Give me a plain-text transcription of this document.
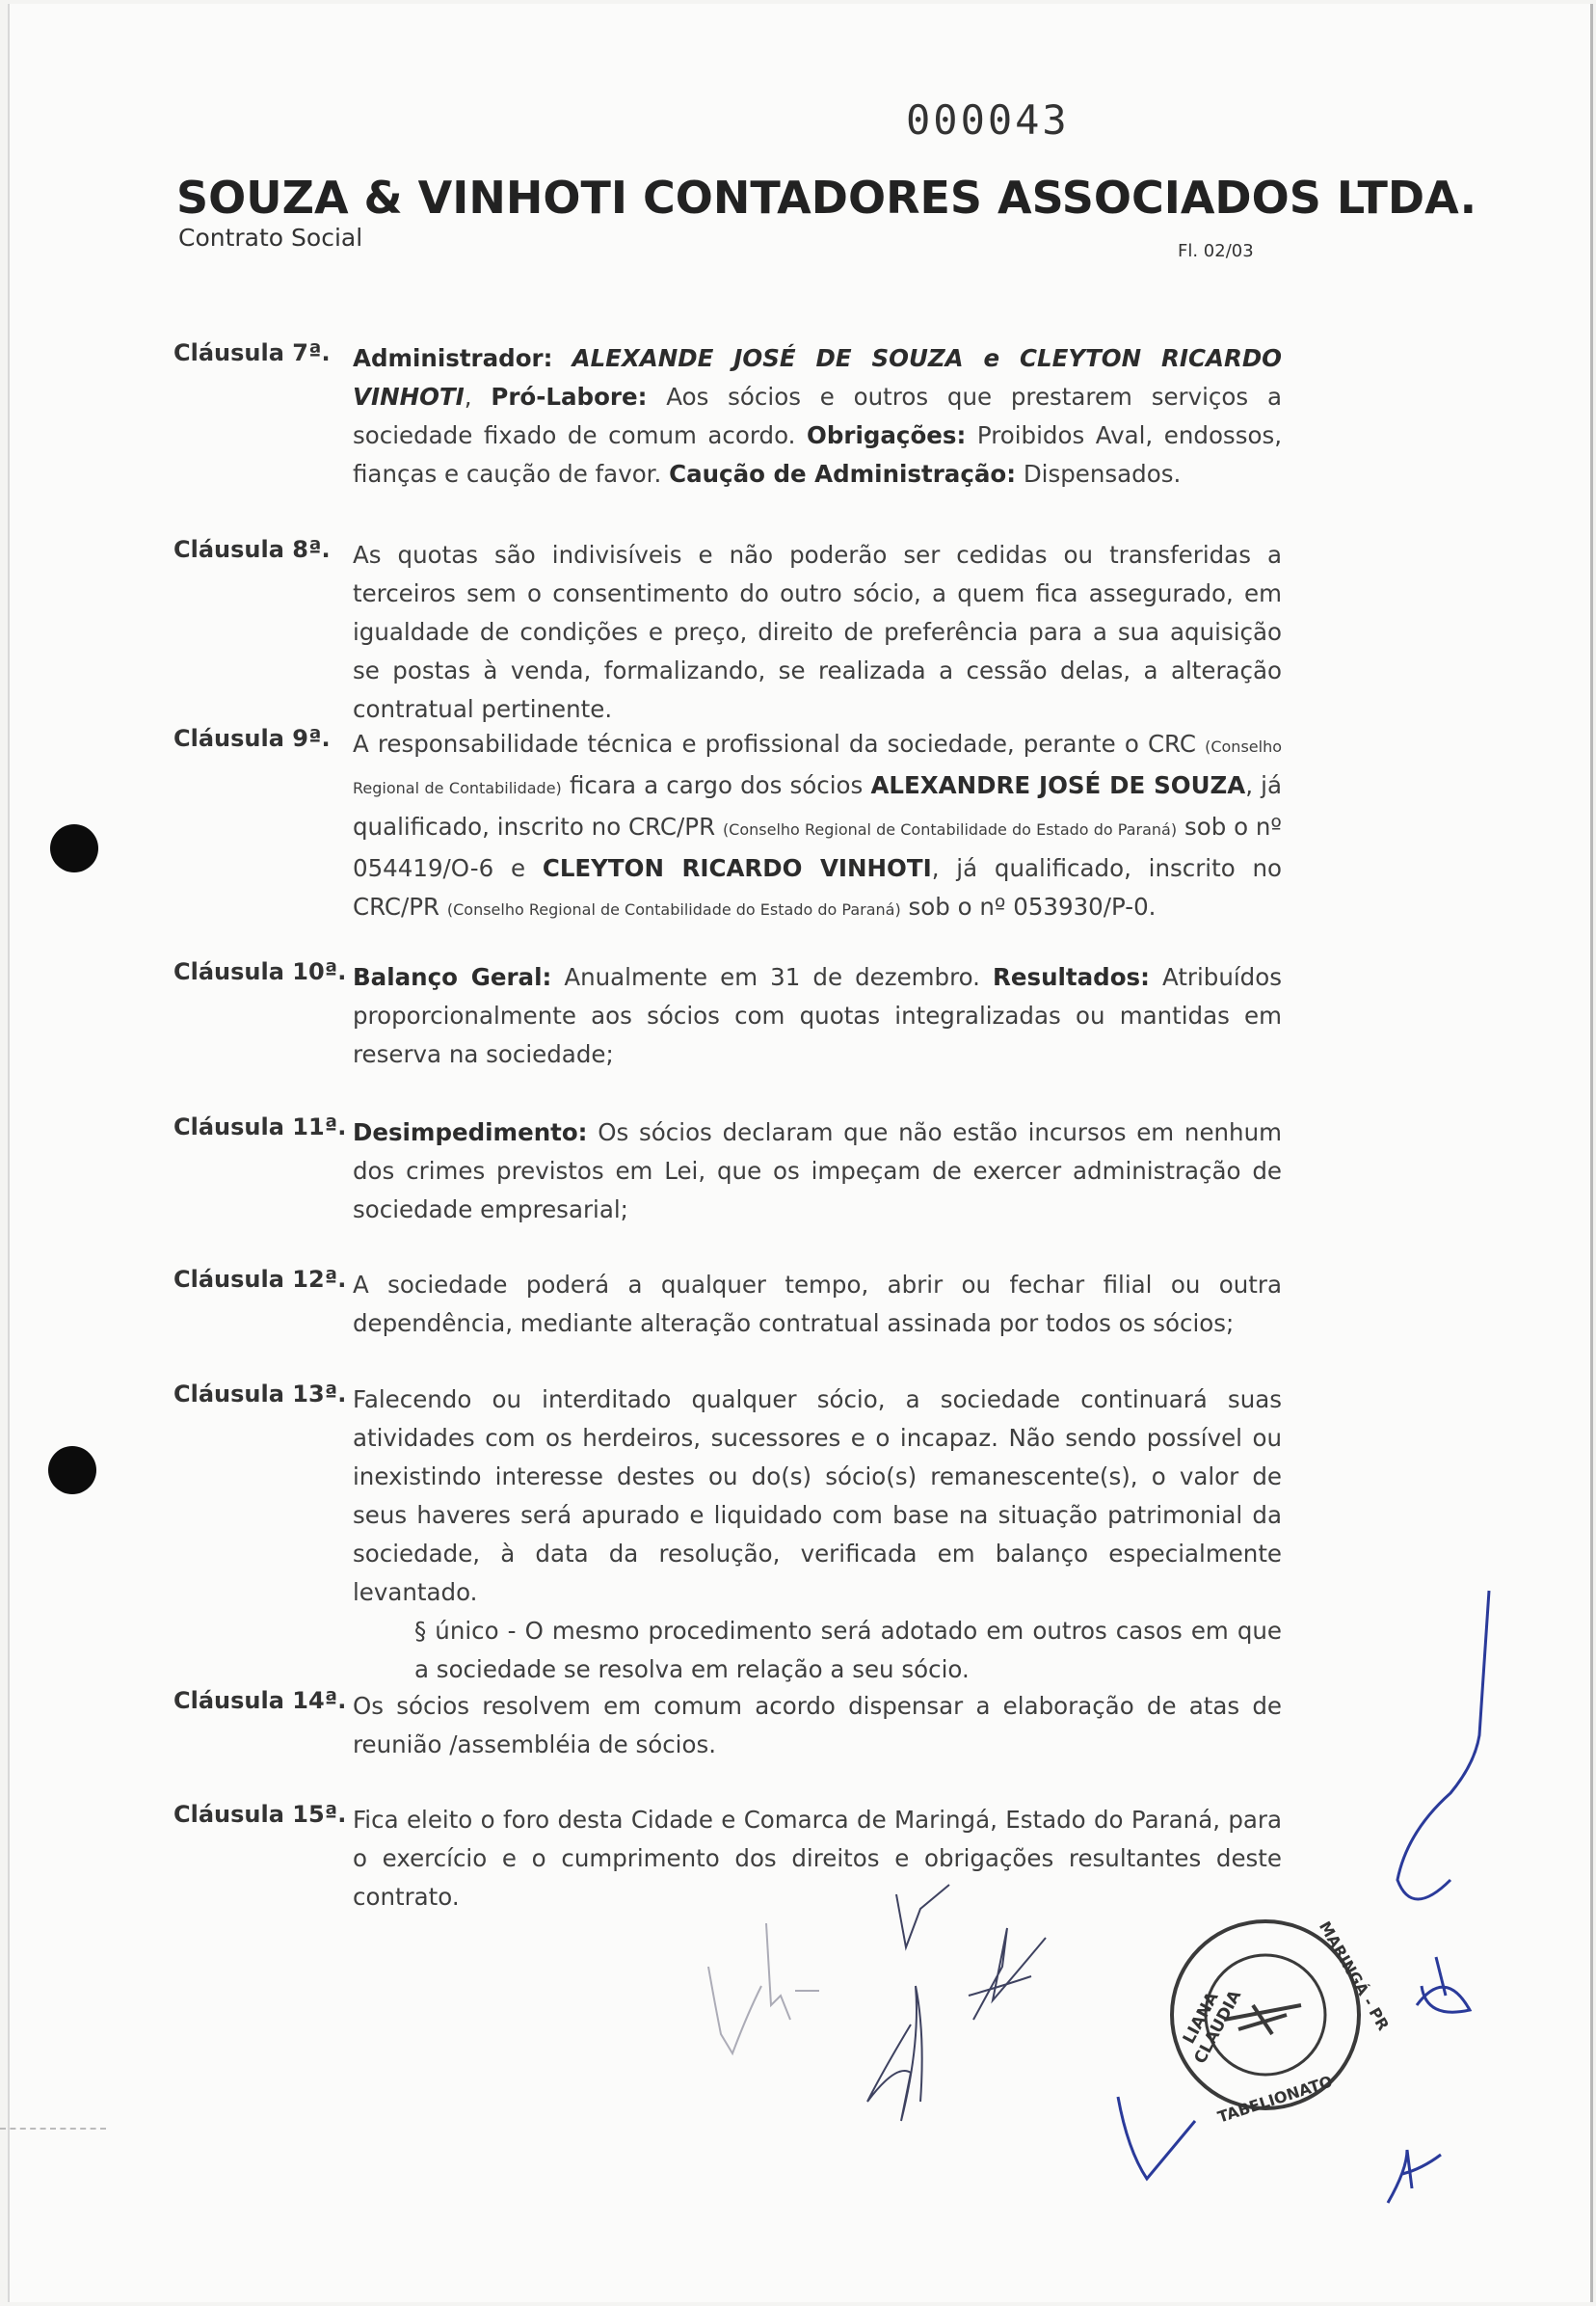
000043
SOUZA & VINHOTI CONTADORES ASSOCIADOS LTDA.
Contrato Social	Fl. 02/03
Cláusula 7ª. Administrador: ALEXANDE JOSÉ DE SOUZA e CLEYTON RICARDO VINHOTI, Pró-Labore: Aos sócios e outros que prestarem serviços a sociedade fixado de comum acordo. Obrigações: Proibidos Aval, endossos, fianças e caução de favor. Caução de Administração: Dispensados.
Cláusula 8ª. As quotas são indivisíveis e não poderão ser cedidas ou transferidas a terceiros sem o consentimento do outro sócio, a quem fica assegurado, em igualdade de condições e preço, direito de preferência para a sua aquisição se postas à venda, formalizando, se realizada a cessão delas, a alteração contratual pertinente.
Cláusula 9ª. A responsabilidade técnica e profissional da sociedade, perante o CRC (Conselho Regional de Contabilidade) ficara a cargo dos sócios ALEXANDRE JOSÉ DE SOUZA, já qualificado, inscrito no CRC/PR (Conselho Regional de Contabilidade do Estado do Paraná) sob o nº 054419/O-6 e CLEYTON RICARDO VINHOTI, já qualificado, inscrito no CRC/PR (Conselho Regional de Contabilidade do Estado do Paraná) sob o nº 053930/P-0.
Cláusula 10ª. Balanço Geral: Anualmente em 31 de dezembro. Resultados: Atribuídos proporcionalmente aos sócios com quotas integralizadas ou mantidas em reserva na sociedade;
Cláusula 11ª. Desimpedimento: Os sócios declaram que não estão incursos em nenhum dos crimes previstos em Lei, que os impeçam de exercer administração de sociedade empresarial;
Cláusula 12ª. A sociedade poderá a qualquer tempo, abrir ou fechar filial ou outra dependência, mediante alteração contratual assinada por todos os sócios;
Cláusula 13ª. Falecendo ou interditado qualquer sócio, a sociedade continuará suas atividades com os herdeiros, sucessores e o incapaz. Não sendo possível ou inexistindo interesse destes ou do(s) sócio(s) remanescente(s), o valor de seus haveres será apurado e liquidado com base na situação patrimonial da sociedade, à data da resolução, verificada em balanço especialmente levantado.
§ único - O mesmo procedimento será adotado em outros casos em que a sociedade se resolva em relação a seu sócio.
Cláusula 14ª. Os sócios resolvem em comum acordo dispensar a elaboração de atas de reunião /assembléia de sócios.
Cláusula 15ª. Fica eleito o foro desta Cidade e Comarca de Maringá, Estado do Paraná, para o exercício e o cumprimento dos direitos e obrigações resultantes deste contrato.
LIANA CLAUDIA	MARINGÁ - PR
TABELIONATO
